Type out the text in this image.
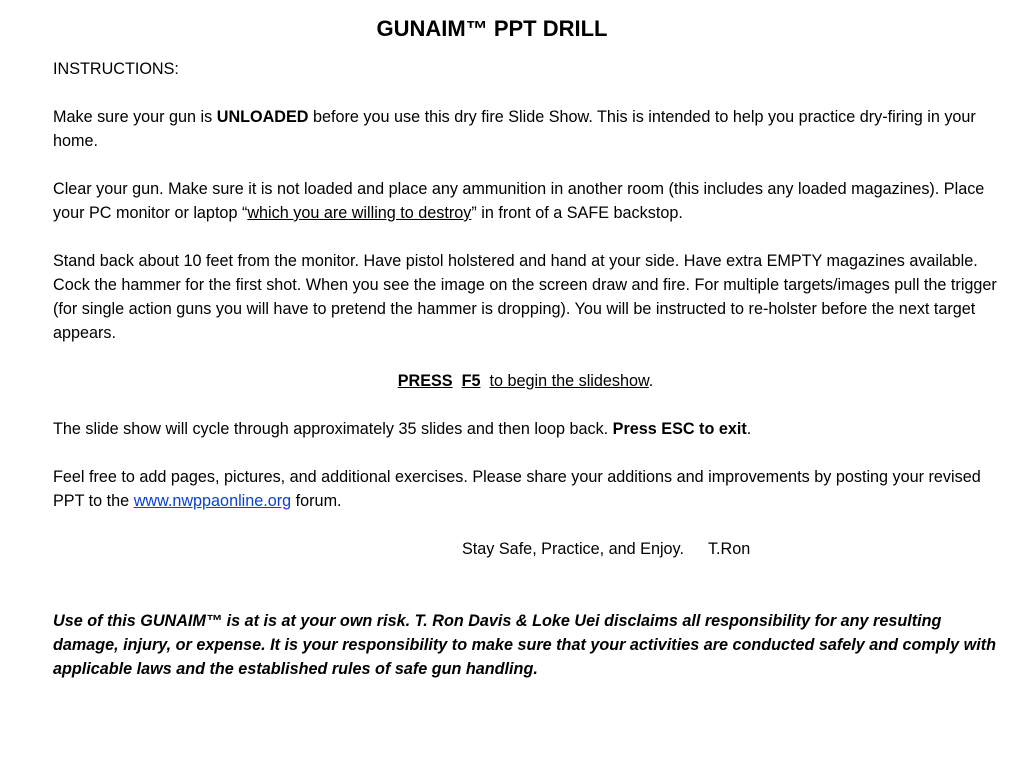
GUNAIM™ PPT DRILL

INSTRUCTIONS:

Make sure your gun is UNLOADED before you use this dry fire Slide Show. This is intended to help you practice dry-firing in your home.

Clear your gun. Make sure it is not loaded and place any ammunition in another room (this includes any loaded magazines). Place your PC monitor or laptop “which you are willing to destroy” in front of a SAFE backstop.

Stand back about 10 feet from the monitor. Have pistol holstered and hand at your side. Have extra EMPTY magazines available. Cock the hammer for the first shot. When you see the image on the screen draw and fire. For multiple targets/images pull the trigger (for single action guns you will have to pretend the hammer is dropping). You will be instructed to re-holster before the next target appears.

PRESS F5 to begin the slideshow.

The slide show will cycle through approximately 35 slides and then loop back. Press ESC to exit.

Feel free to add pages, pictures, and additional exercises. Please share your additions and improvements by posting your revised PPT to the www.nwppaonline.org forum.

Stay Safe, Practice, and Enjoy. T.Ron

Use of this GUNAIM™ is at is at your own risk. T. Ron Davis & Loke Uei disclaims all responsibility for any resulting damage, injury, or expense. It is your responsibility to make sure that your activities are conducted safely and comply with applicable laws and the established rules of safe gun handling.
